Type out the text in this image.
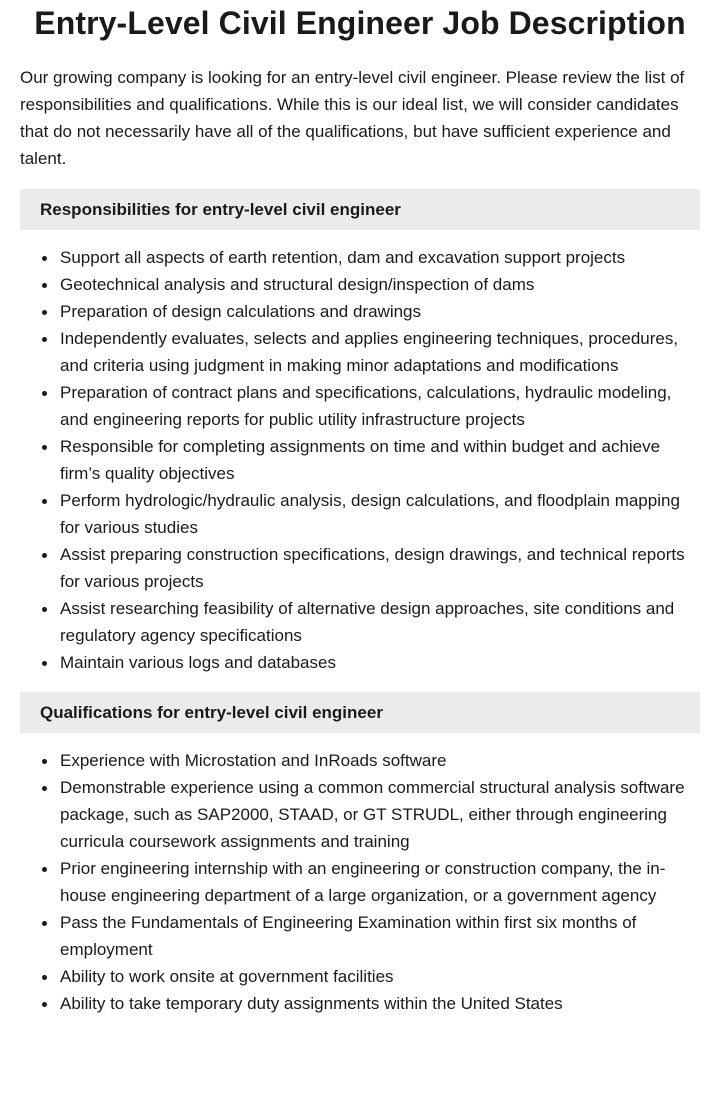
Entry-Level Civil Engineer Job Description

Our growing company is looking for an entry-level civil engineer. Please review the list of responsibilities and qualifications. While this is our ideal list, we will consider candidates that do not necessarily have all of the qualifications, but have sufficient experience and talent.

Responsibilities for entry-level civil engineer
Support all aspects of earth retention, dam and excavation support projects
Geotechnical analysis and structural design/inspection of dams
Preparation of design calculations and drawings
Independently evaluates, selects and applies engineering techniques, procedures, and criteria using judgment in making minor adaptations and modifications
Preparation of contract plans and specifications, calculations, hydraulic modeling, and engineering reports for public utility infrastructure projects
Responsible for completing assignments on time and within budget and achieve firm’s quality objectives
Perform hydrologic/hydraulic analysis, design calculations, and floodplain mapping for various studies
Assist preparing construction specifications, design drawings, and technical reports for various projects
Assist researching feasibility of alternative design approaches, site conditions and regulatory agency specifications
Maintain various logs and databases
Qualifications for entry-level civil engineer
Experience with Microstation and InRoads software
Demonstrable experience using a common commercial structural analysis software package, such as SAP2000, STAAD, or GT STRUDL, either through engineering curricula coursework assignments and training
Prior engineering internship with an engineering or construction company, the in-house engineering department of a large organization, or a government agency
Pass the Fundamentals of Engineering Examination within first six months of employment
Ability to work onsite at government facilities
Ability to take temporary duty assignments within the United States
